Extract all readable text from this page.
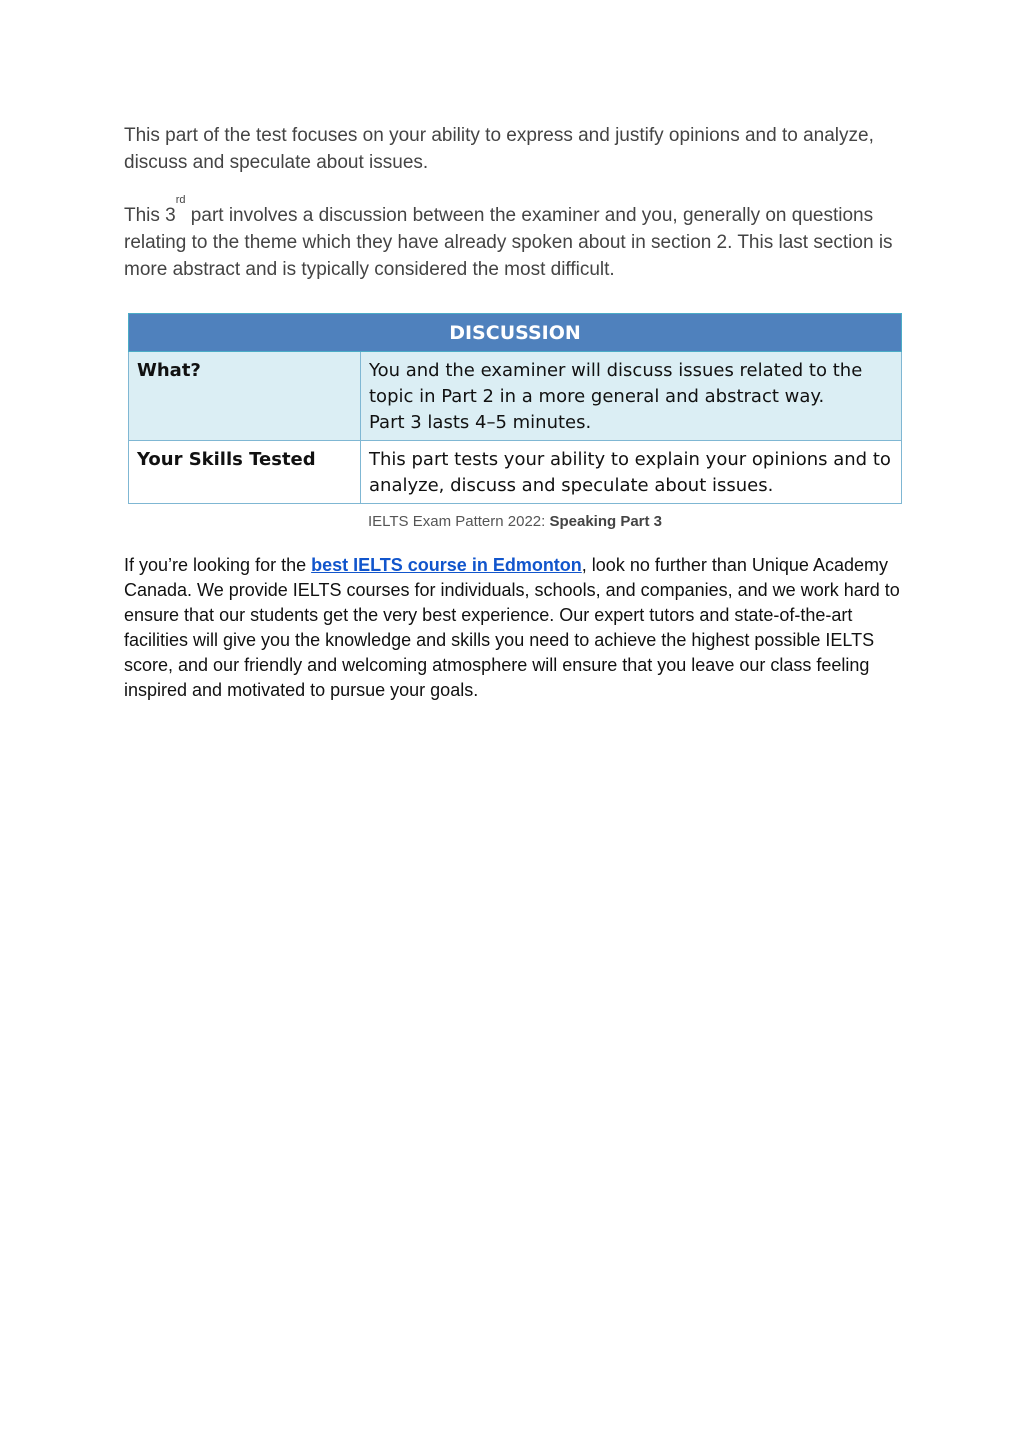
This part of the test focuses on your ability to express and justify opinions and to analyze, discuss and speculate about issues.

This 3rd part involves a discussion between the examiner and you, generally on questions relating to the theme which they have already spoken about in section 2. This last section is more abstract and is typically considered the most difficult.

DISCUSSION	
What?	You and the examiner will discuss issues related to the topic in Part 2 in a more general and abstract way.
Part 3 lasts 4–5 minutes.

Your Skills Tested	This part tests your ability to explain your opinions and to analyze, discuss and speculate about issues.
IELTS Exam Pattern 2022: Speaking Part 3

If you’re looking for the best IELTS course in Edmonton, look no further than Unique Academy Canada. We provide IELTS courses for individuals, schools, and companies, and we work hard to ensure that our students get the very best experience. Our expert tutors and state-of-the-art facilities will give you the knowledge and skills you need to achieve the highest possible IELTS score, and our friendly and welcoming atmosphere will ensure that you leave our class feeling inspired and motivated to pursue your goals.
